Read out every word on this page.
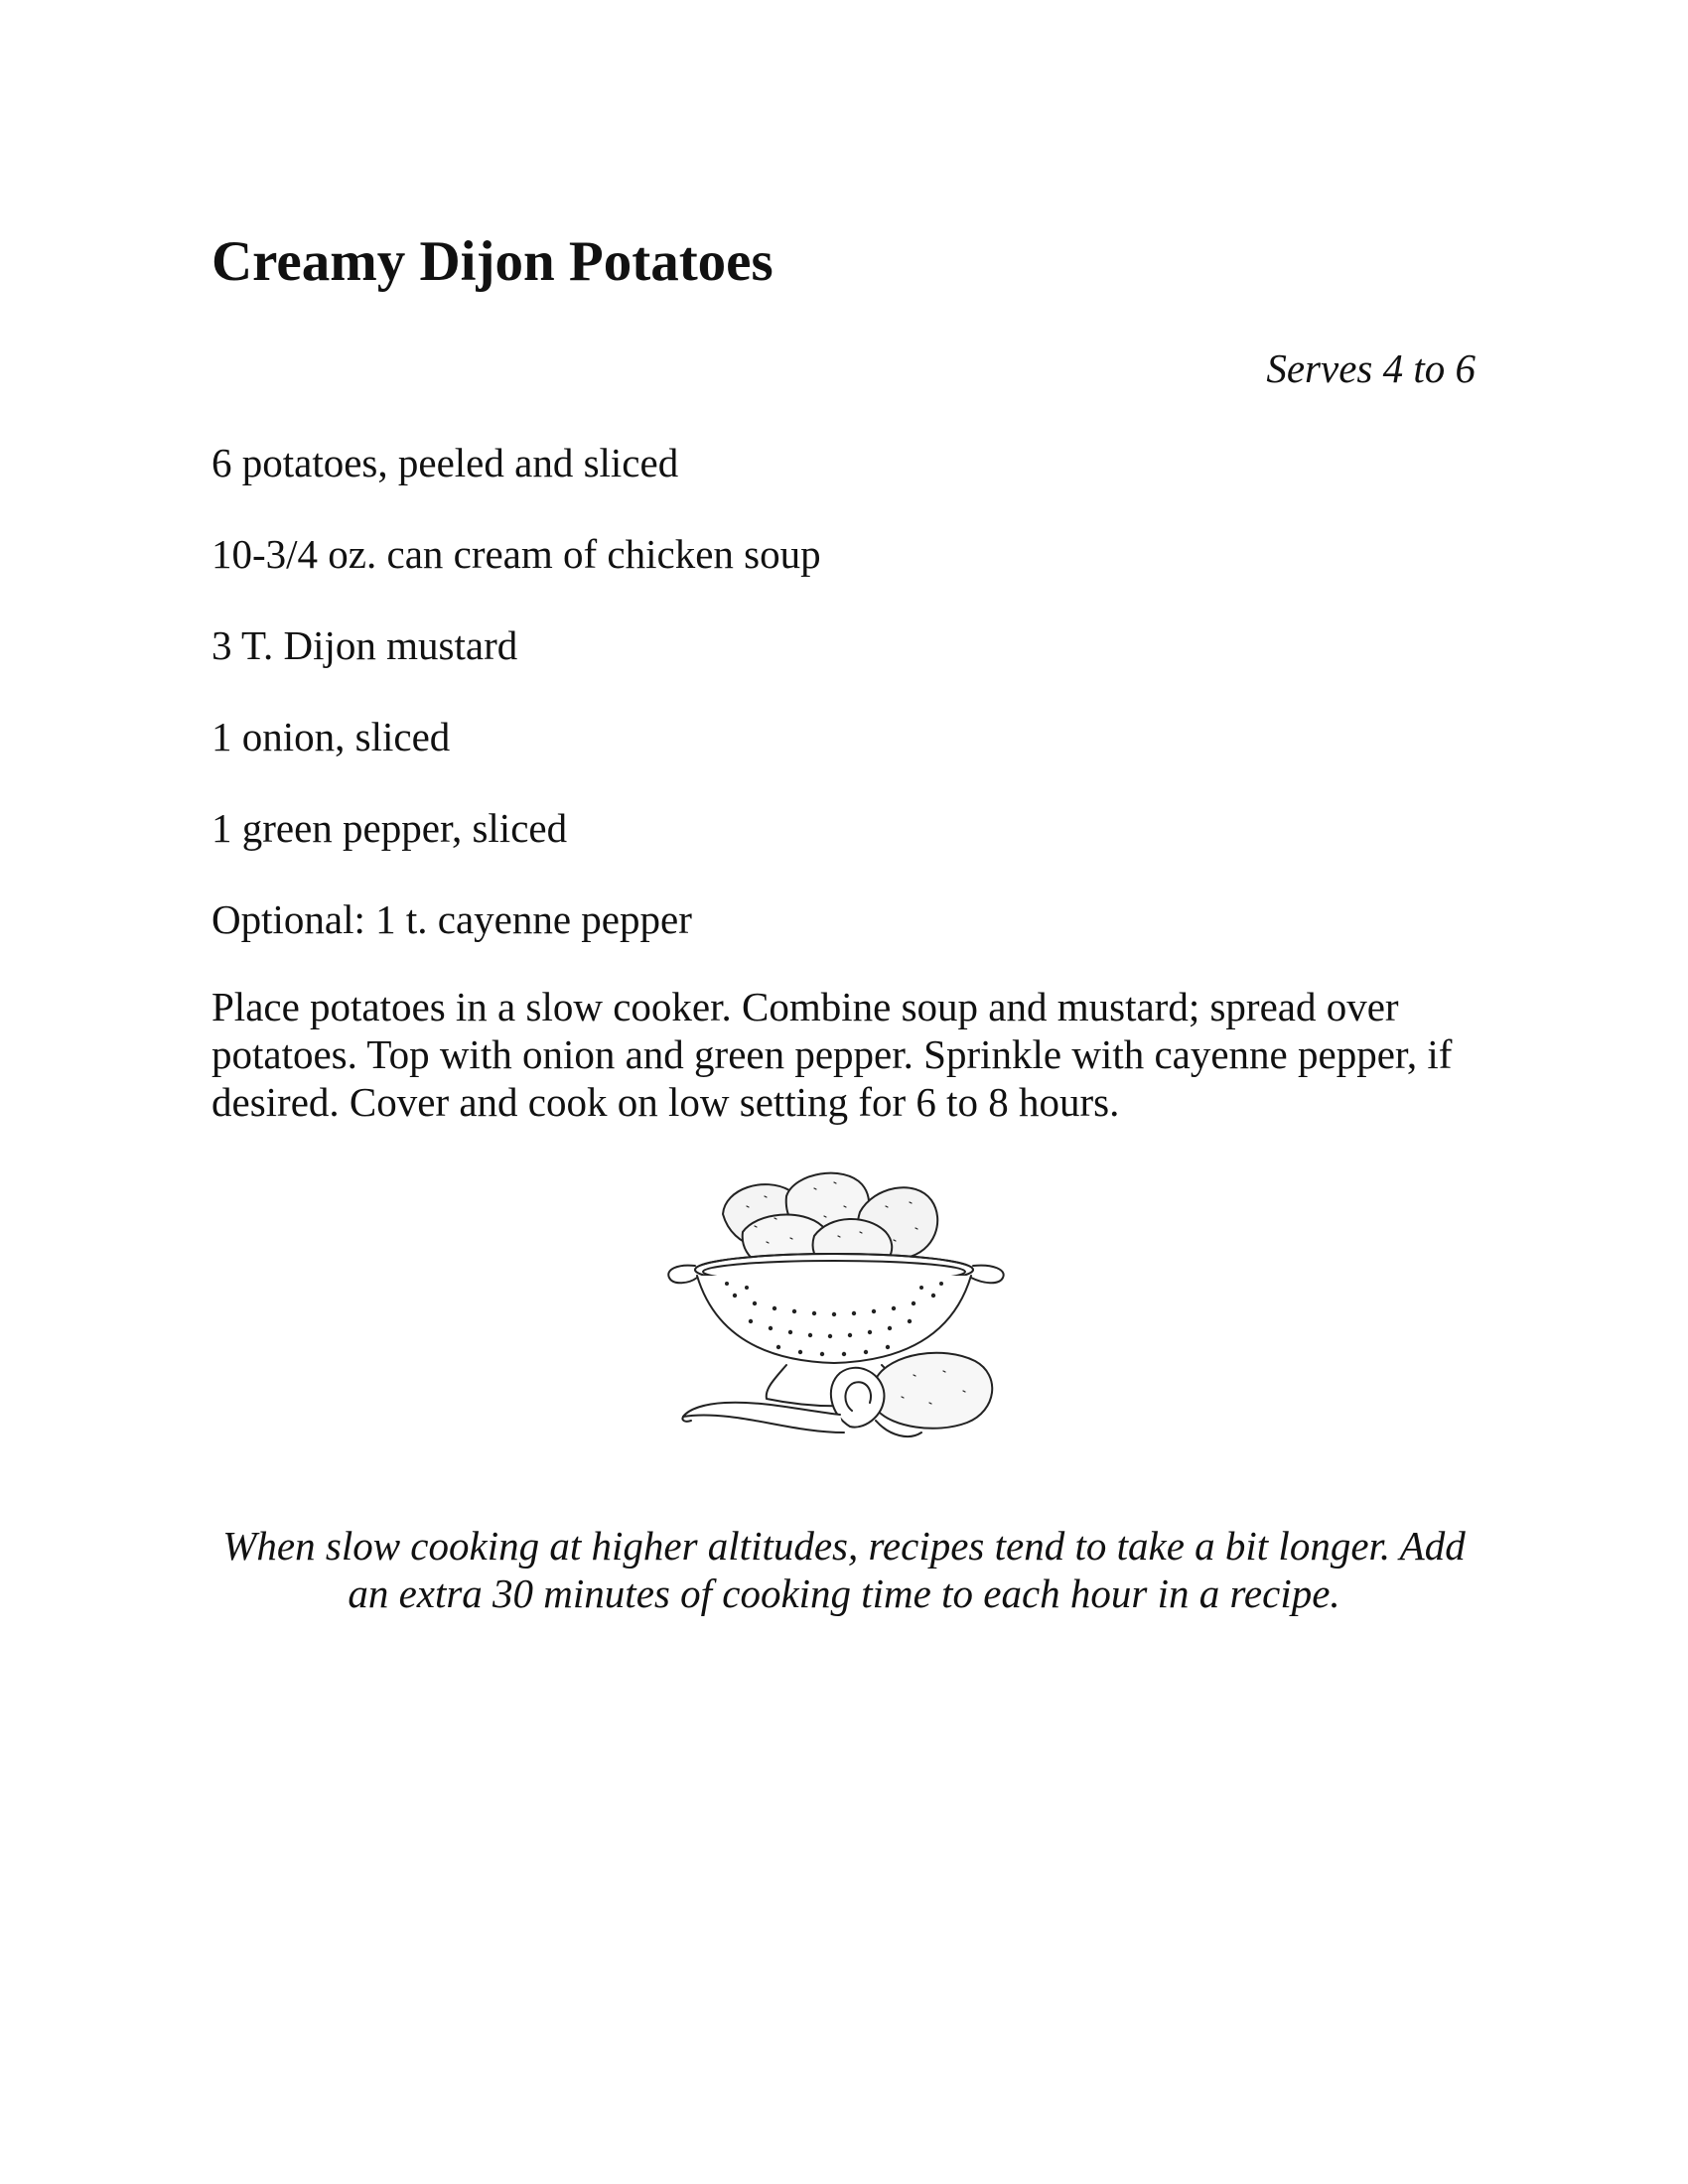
Creamy Dijon Potatoes
Serves 4 to 6
6 potatoes, peeled and sliced
10-3/4 oz. can cream of chicken soup
3 T. Dijon mustard
1 onion, sliced
1 green pepper, sliced
Optional: 1 t. cayenne pepper

Place potatoes in a slow cooker. Combine soup and mustard; spread over potatoes. Top with onion and green pepper. Sprinkle with cayenne pepper, if desired. Cover and cook on low setting for 6 to 8 hours.

When slow cooking at higher altitudes, recipes tend to take a bit longer. Add an extra 30 minutes of cooking time to each hour in a recipe.
